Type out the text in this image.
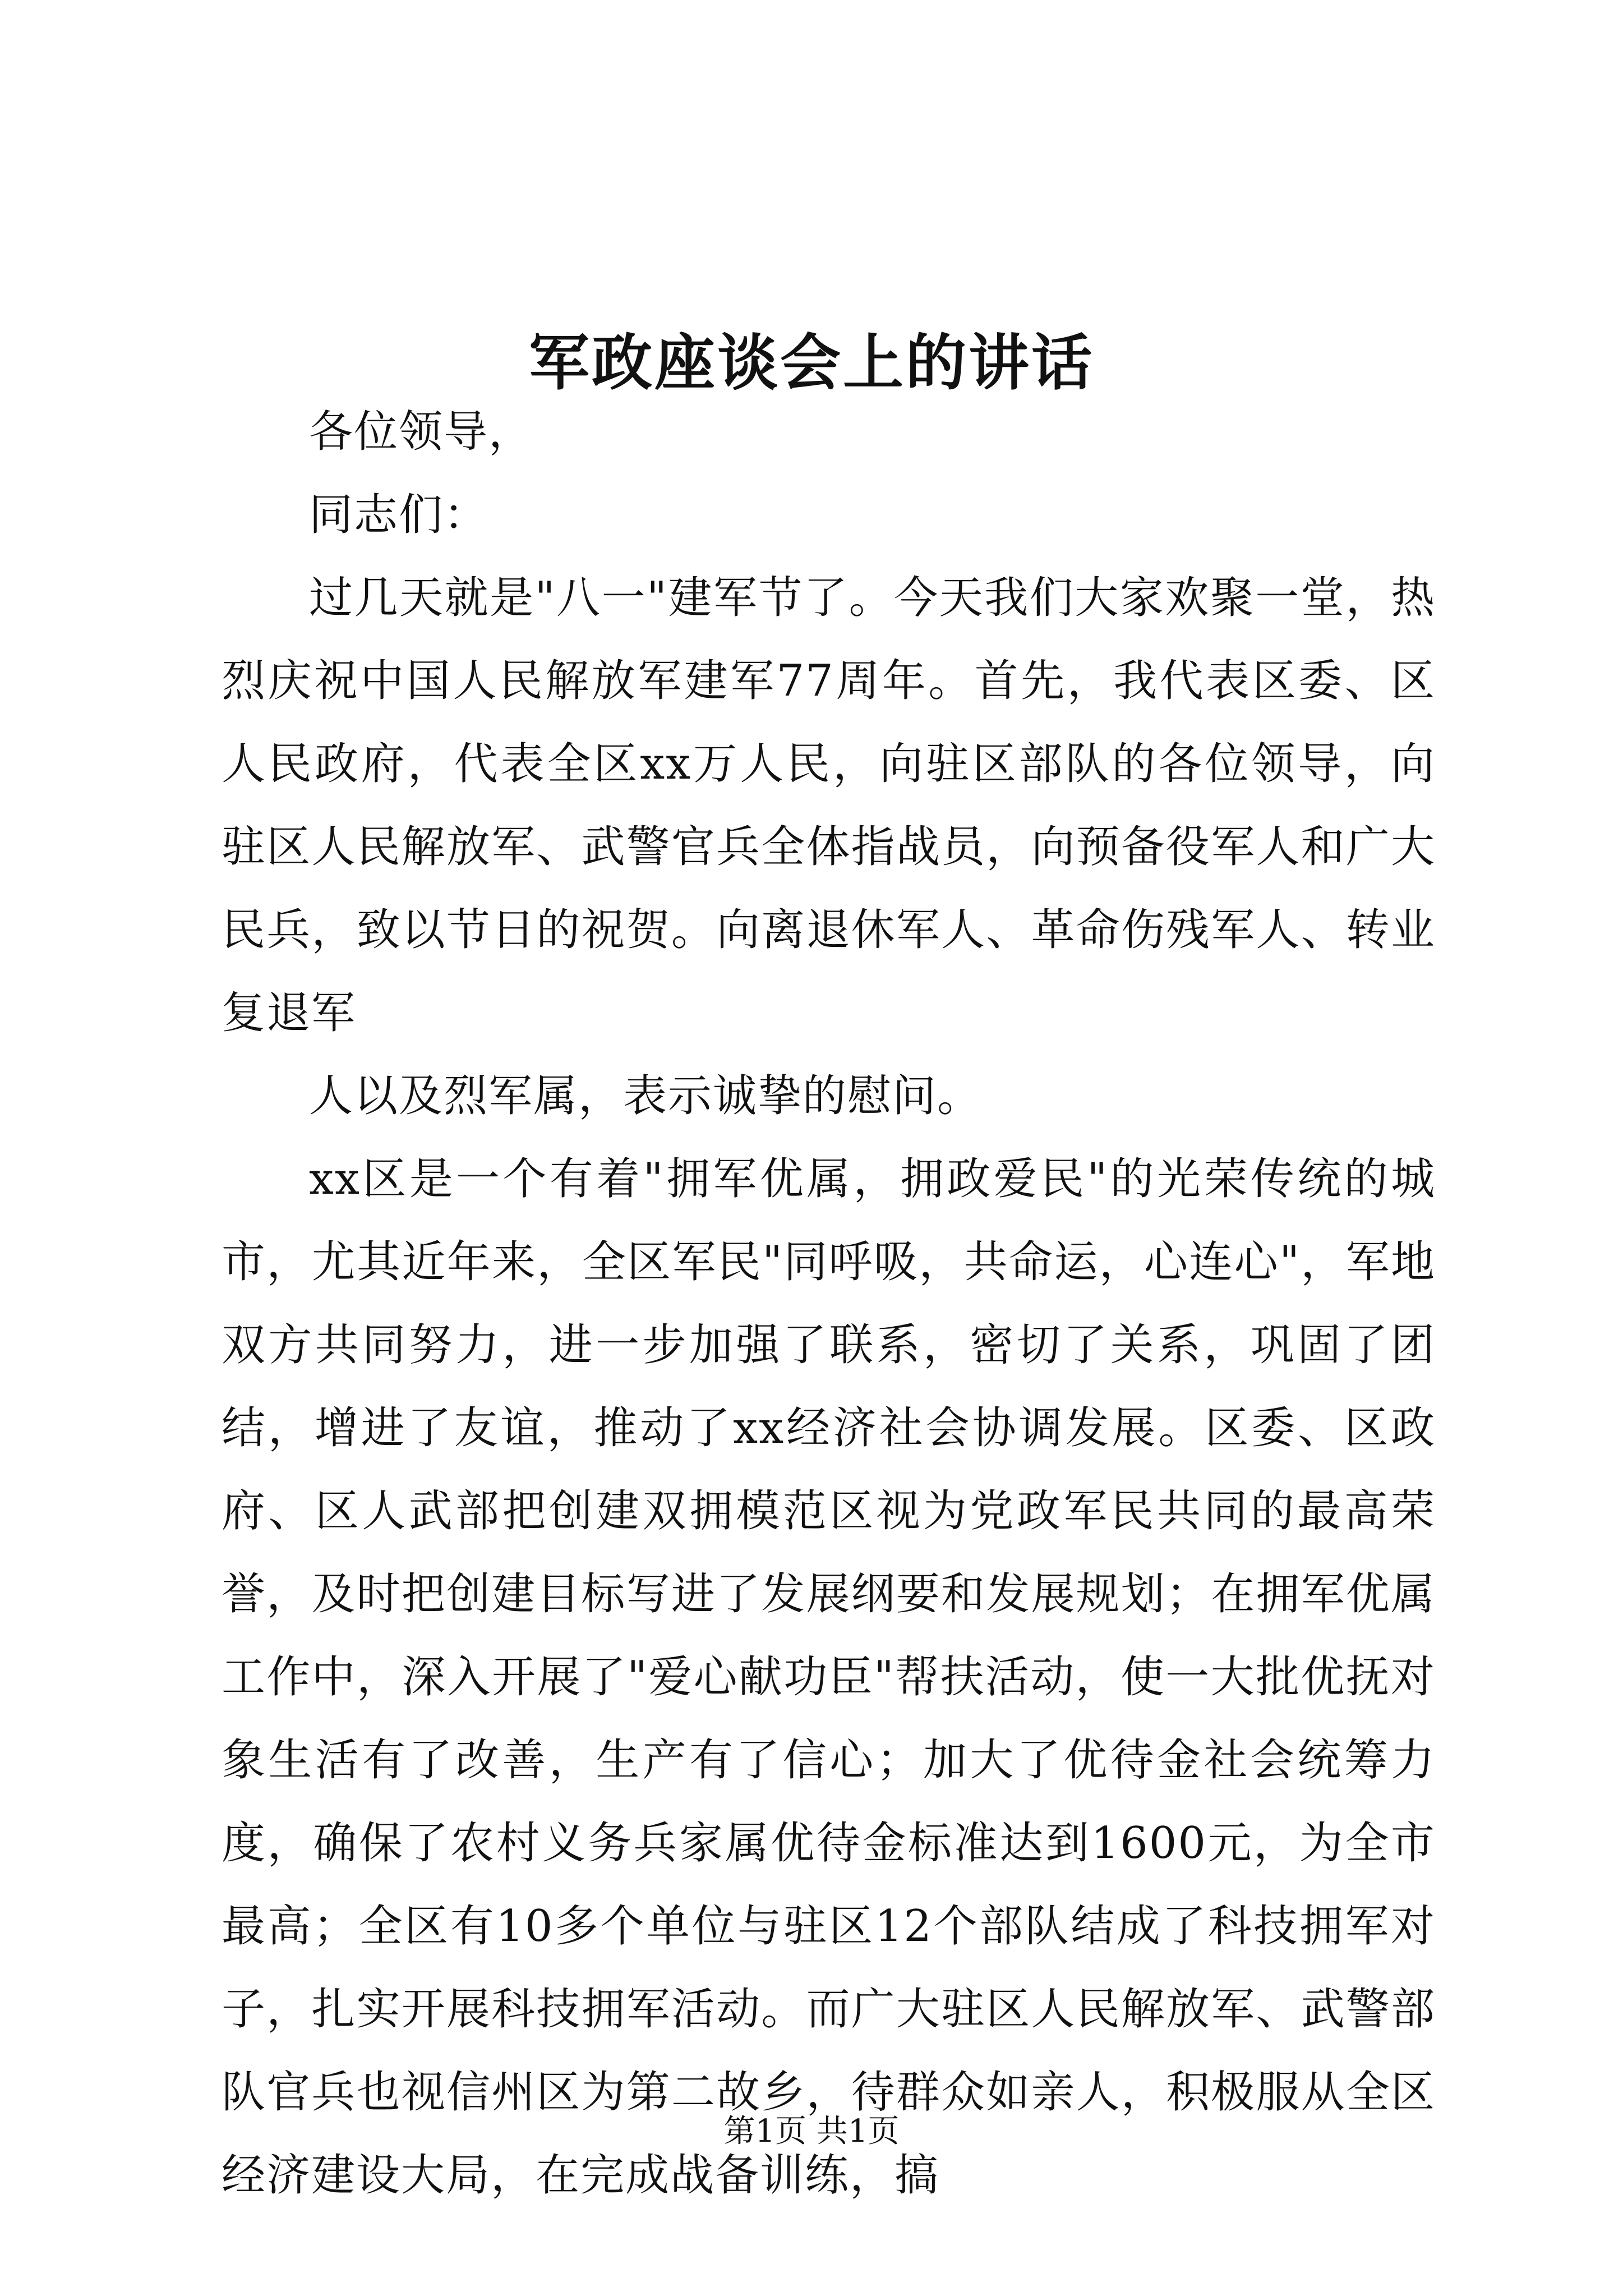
军政座谈会上的讲话

各位领导，

同志们：

过几天就是"八一"建军节了。今天我们大家欢聚一堂，热烈庆祝中国人民解放军建军77周年。首先，我代表区委、区人民政府，代表全区xx万人民，向驻区部队的各位领导，向驻区人民解放军、武警官兵全体指战员，向预备役军人和广大民兵，致以节日的祝贺。向离退休军人、革命伤残军人、转业复退军

人以及烈军属，表示诚挚的慰问。

xx区是一个有着"拥军优属，拥政爱民"的光荣传统的城市，尤其近年来，全区军民"同呼吸，共命运，心连心"，军地双方共同努力，进一步加强了联系，密切了关系，巩固了团结，增进了友谊，推动了xx经济社会协调发展。区委、区政府、区人武部把创建双拥模范区视为党政军民共同的最高荣誉，及时把创建目标写进了发展纲要和发展规划；在拥军优属工作中，深入开展了"爱心献功臣"帮扶活动，使一大批优抚对象生活有了改善，生产有了信心；加大了优待金社会统筹力度，确保了农村义务兵家属优待金标准达到1600元，为全市最高；全区有10多个单位与驻区12个部队结成了科技拥军对子，扎实开展科技拥军活动。而广大驻区人民解放军、武警部队官兵也视信州区为第二故乡，待群众如亲人，积极服从全区经济建设大局，在完成战备训练，搞

第1页 共1页
